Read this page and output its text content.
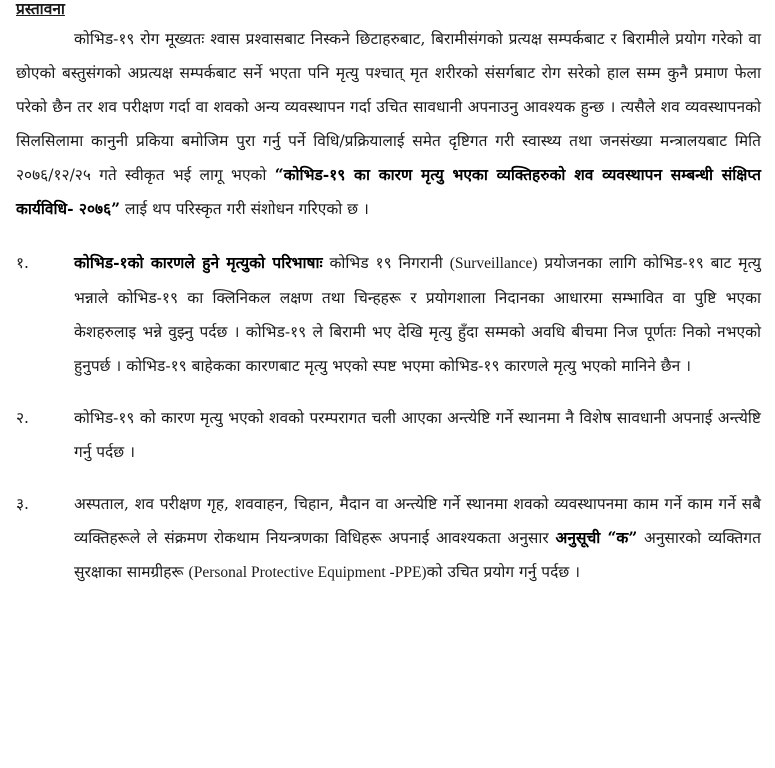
प्रस्तावना

कोभिड-१९ रोग मूख्यतः श्वास प्रश्वासबाट निस्कने छिटाहरुबाट, बिरामीसंगको प्रत्यक्ष सम्पर्कबाट र बिरामीले प्रयोग गरेको वा छोएको बस्तुसंगको अप्रत्यक्ष सम्पर्कबाट सर्ने भएता पनि मृत्यु पश्चात् मृत शरीरको संसर्गबाट रोग सरेको हाल सम्म कुनै प्रमाण फेला परेको छैन तर शव परीक्षण गर्दा वा शवको अन्य व्यवस्थापन गर्दा उचित सावधानी अपनाउनु आवश्यक हुन्छ । त्यसैले शव व्यवस्थापनको सिलसिलामा कानुनी प्रकिया बमोजिम पुरा गर्नु पर्ने विधि/प्रक्रियालाई समेत दृष्टिगत गरी स्वास्थ्य तथा जनसंख्या मन्त्रालयबाट मिति २०७६/१२/२५ गते स्वीकृत भई लागू भएको “कोभिड-१९ का कारण मृत्यु भएका व्यक्तिहरुको शव व्यवस्थापन सम्बन्धी संक्षिप्त कार्यविधि- २०७६” लाई थप परिस्कृत गरी संशोधन गरिएको छ ।

१.	कोभिड-१को कारणले हुने मृत्युको परिभाषाः कोभिड १९ निगरानी (Surveillance) प्रयोजनका लागि कोभिड-१९ बाट मृत्यु भन्नाले कोभिड-१९ का क्लिनिकल लक्षण तथा चिन्हहरू र प्रयोगशाला निदानका आधारमा सम्भावित वा पुष्टि भएका केशहरुलाइ भन्ने वुझ्नु पर्दछ । कोभिड-१९ ले बिरामी भए देखि मृत्यु हुँदा सम्मको अवधि बीचमा निज पूर्णतः निको नभएको हुनुपर्छ । कोभिड-१९ बाहेकका कारणबाट मृत्यु भएको स्पष्ट भएमा कोभिड-१९ कारणले मृत्यु भएको मानिने छैन ।
२.	कोभिड-१९ को कारण मृत्यु भएको शवको परम्परागत चली आएका अन्त्येष्टि गर्ने स्थानमा नै विशेष सावधानी अपनाई अन्त्येष्टि गर्नु पर्दछ ।
३.	अस्पताल, शव परीक्षण गृह, शववाहन, चिहान, मैदान वा अन्त्येष्टि गर्ने स्थानमा शवको व्यवस्थापनमा काम गर्ने काम गर्ने सबै व्यक्तिहरूले ले संक्रमण रोकथाम नियन्त्रणका विधिहरू अपनाई आवश्यकता अनुसार अनुसूची “क” अनुसारको व्यक्तिगत सुरक्षाका सामग्रीहरू (Personal Protective Equipment -PPE)को उचित प्रयोग गर्नु पर्दछ ।
